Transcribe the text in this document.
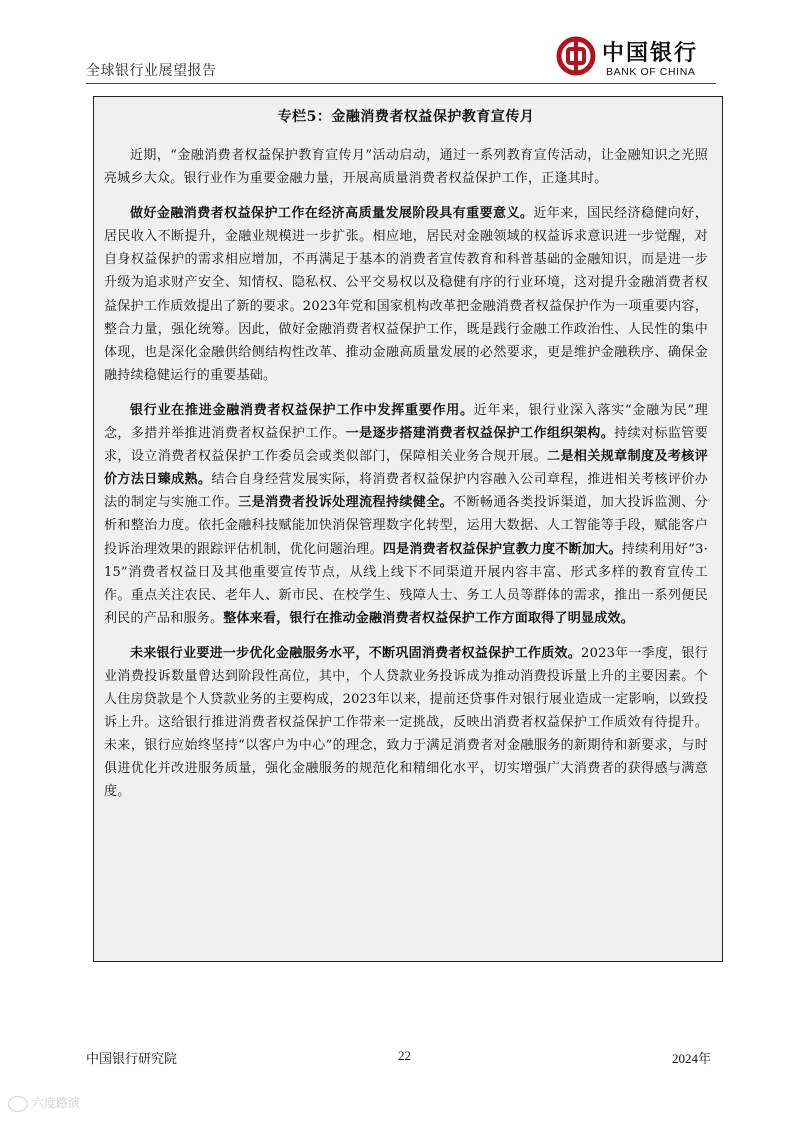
全球银行业展望报告
中国银行
BANK OF CHINA
专栏5：金融消费者权益保护教育宣传月

近期，“金融消费者权益保护教育宣传月”活动启动，通过一系列教育宣传活动，让金融知识之光照亮城乡大众。银行业作为重要金融力量，开展高质量消费者权益保护工作，正逢其时。

做好金融消费者权益保护工作在经济高质量发展阶段具有重要意义。近年来，国民经济稳健向好，居民收入不断提升，金融业规模进一步扩张。相应地，居民对金融领域的权益诉求意识进一步觉醒，对自身权益保护的需求相应增加，不再满足于基本的消费者宣传教育和科普基础的金融知识，而是进一步升级为追求财产安全、知情权、隐私权、公平交易权以及稳健有序的行业环境，这对提升金融消费者权益保护工作质效提出了新的要求。2023年党和国家机构改革把金融消费者权益保护作为一项重要内容，整合力量，强化统筹。因此，做好金融消费者权益保护工作，既是践行金融工作政治性、人民性的集中体现，也是深化金融供给侧结构性改革、推动金融高质量发展的必然要求，更是维护金融秩序、确保金融持续稳健运行的重要基础。

银行业在推进金融消费者权益保护工作中发挥重要作用。近年来，银行业深入落实“金融为民”理念，多措并举推进消费者权益保护工作。一是逐步搭建消费者权益保护工作组织架构。持续对标监管要求，设立消费者权益保护工作委员会或类似部门，保障相关业务合规开展。二是相关规章制度及考核评价方法日臻成熟。结合自身经营发展实际，将消费者权益保护内容融入公司章程，推进相关考核评价办法的制定与实施工作。三是消费者投诉处理流程持续健全。不断畅通各类投诉渠道，加大投诉监测、分析和整治力度。依托金融科技赋能加快消保管理数字化转型，运用大数据、人工智能等手段，赋能客户投诉治理效果的跟踪评估机制，优化问题治理。四是消费者权益保护宣教力度不断加大。持续利用好“3·15”消费者权益日及其他重要宣传节点，从线上线下不同渠道开展内容丰富、形式多样的教育宣传工作。重点关注农民、老年人、新市民、在校学生、残障人士、务工人员等群体的需求，推出一系列便民利民的产品和服务。整体来看，银行在推动金融消费者权益保护工作方面取得了明显成效。

未来银行业要进一步优化金融服务水平，不断巩固消费者权益保护工作质效。2023年一季度，银行业消费投诉数量曾达到阶段性高位，其中，个人贷款业务投诉成为推动消费投诉量上升的主要因素。个人住房贷款是个人贷款业务的主要构成，2023年以来，提前还贷事件对银行展业造成一定影响，以致投诉上升。这给银行推进消费者权益保护工作带来一定挑战，反映出消费者权益保护工作质效有待提升。未来，银行应始终坚持“以客户为中心”的理念，致力于满足消费者对金融服务的新期待和新要求，与时俱进优化并改进服务质量，强化金融服务的规范化和精细化水平，切实增强广大消费者的获得感与满意度。

中国银行研究院	22	2024年
六度路演
